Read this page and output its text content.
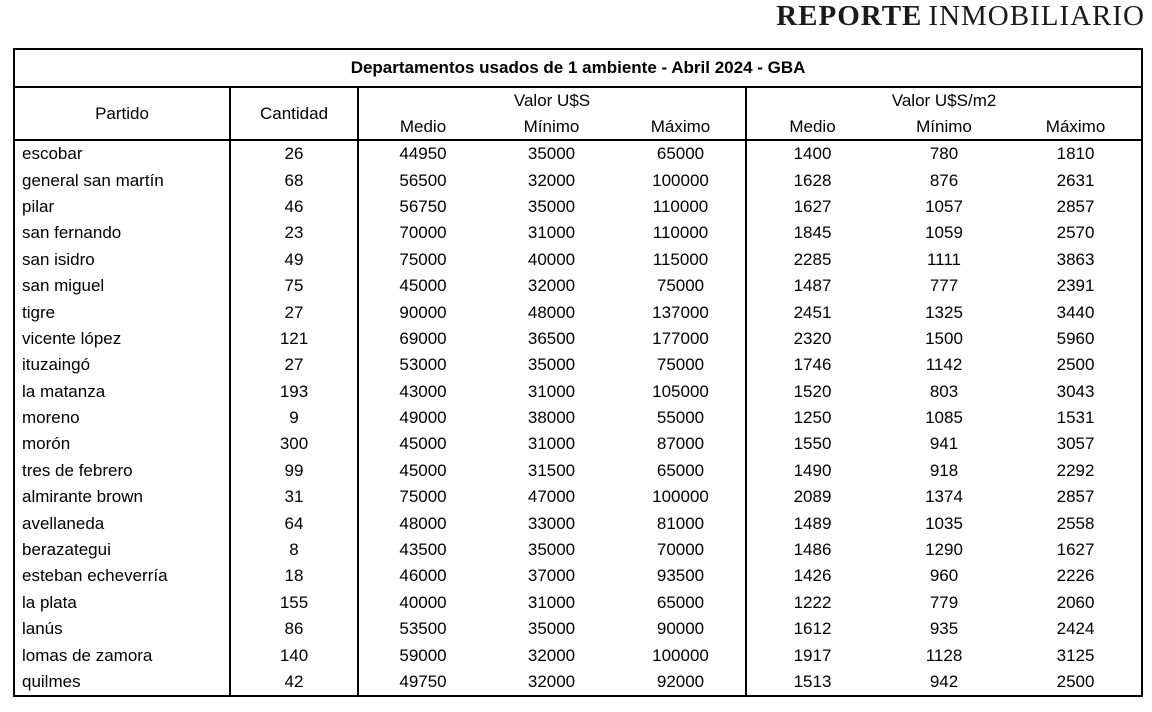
REPORTE INMOBILIARIO
Departamentos usados de 1 ambiente - Abril 2024 - GBA							
Partido	Cantidad	Valor U$S			Valor U$S/m2		
		Medio	Mínimo	Máximo	Medio	Mínimo	Máximo
escobar	26	44950	35000	65000	1400	780	1810
general san martín	68	56500	32000	100000	1628	876	2631
pilar	46	56750	35000	110000	1627	1057	2857
san fernando	23	70000	31000	110000	1845	1059	2570
san isidro	49	75000	40000	115000	2285	1111	3863
san miguel	75	45000	32000	75000	1487	777	2391
tigre	27	90000	48000	137000	2451	1325	3440
vicente lópez	121	69000	36500	177000	2320	1500	5960
ituzaingó	27	53000	35000	75000	1746	1142	2500
la matanza	193	43000	31000	105000	1520	803	3043
moreno	9	49000	38000	55000	1250	1085	1531
morón	300	45000	31000	87000	1550	941	3057
tres de febrero	99	45000	31500	65000	1490	918	2292
almirante brown	31	75000	47000	100000	2089	1374	2857
avellaneda	64	48000	33000	81000	1489	1035	2558
berazategui	8	43500	35000	70000	1486	1290	1627
esteban echeverría	18	46000	37000	93500	1426	960	2226
la plata	155	40000	31000	65000	1222	779	2060
lanús	86	53500	35000	90000	1612	935	2424
lomas de zamora	140	59000	32000	100000	1917	1128	3125
quilmes	42	49750	32000	92000	1513	942	2500
